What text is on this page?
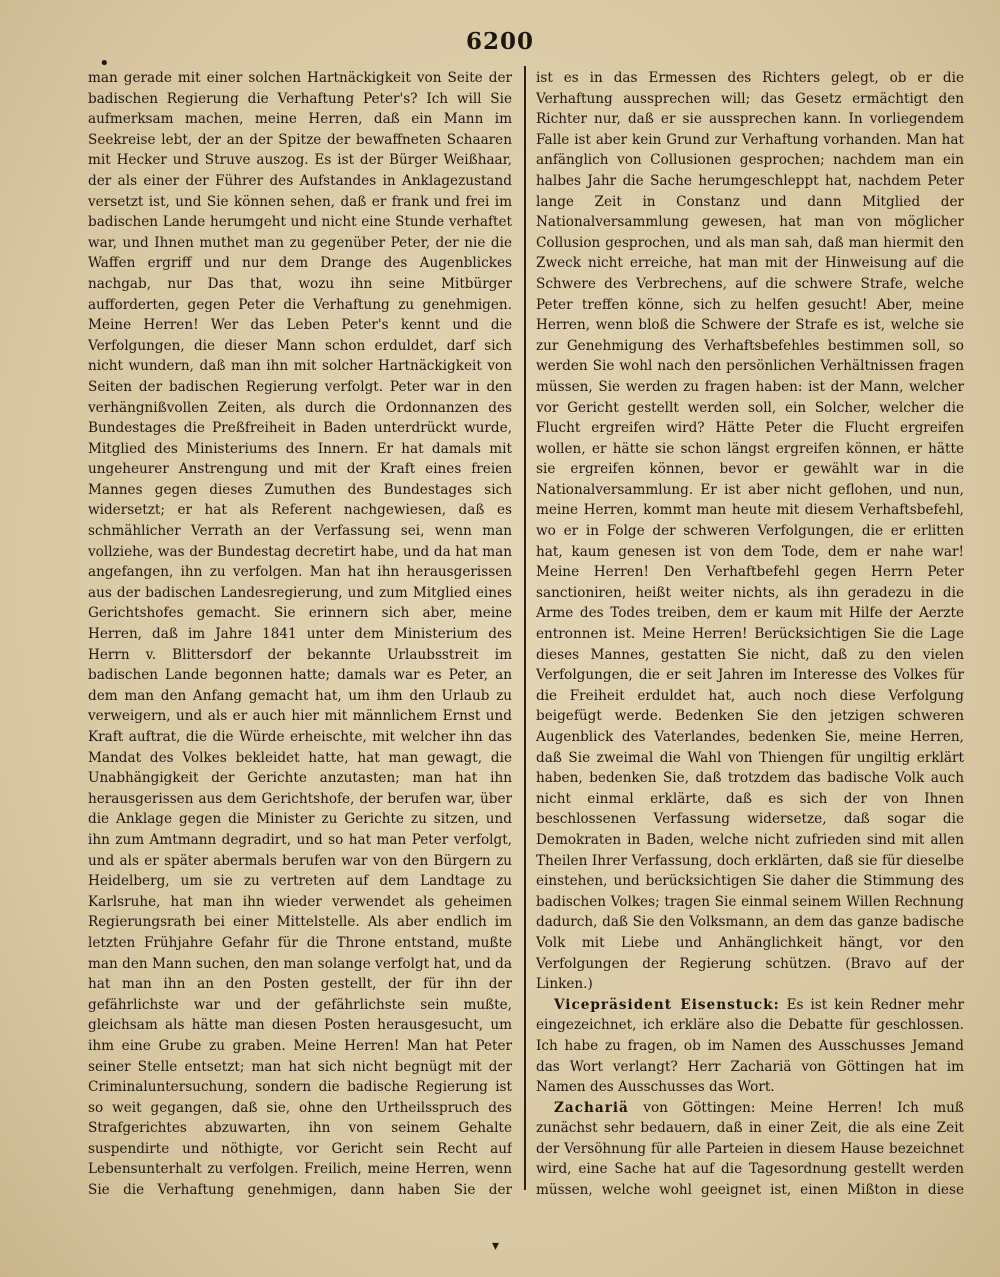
6200
•

man gerade mit einer solchen Hartnäckigkeit von Seite der badischen Regierung die Verhaftung Peter's? Ich will Sie aufmerksam machen, meine Herren, daß ein Mann im Seekreise lebt, der an der Spitze der bewaffneten Schaaren mit Hecker und Struve auszog. Es ist der Bürger Weißhaar, der als einer der Führer des Aufstandes in Anklagezustand versetzt ist, und Sie können sehen, daß er frank und frei im badischen Lande herumgeht und nicht eine Stunde verhaftet war, und Ihnen muthet man zu gegenüber Peter, der nie die Waffen ergriff und nur dem Drange des Augenblickes nachgab, nur Das that, wozu ihn seine Mitbürger aufforderten, gegen Peter die Verhaftung zu genehmigen. Meine Herren! Wer das Leben Peter's kennt und die Verfolgungen, die dieser Mann schon erduldet, darf sich nicht wundern, daß man ihn mit solcher Hartnäckigkeit von Seiten der badischen Regierung verfolgt. Peter war in den verhängnißvollen Zeiten, als durch die Ordonnanzen des Bundestages die Preßfreiheit in Baden unterdrückt wurde, Mitglied des Ministeriums des Innern. Er hat damals mit ungeheurer Anstrengung und mit der Kraft eines freien Mannes gegen dieses Zumuthen des Bundestages sich widersetzt; er hat als Referent nachgewiesen, daß es schmählicher Verrath an der Verfassung sei, wenn man vollziehe, was der Bundestag decretirt habe, und da hat man angefangen, ihn zu verfolgen. Man hat ihn herausgerissen aus der badischen Landesregierung, und zum Mitglied eines Gerichtshofes gemacht. Sie erinnern sich aber, meine Herren, daß im Jahre 1841 unter dem Ministerium des Herrn v. Blittersdorf der bekannte Urlaubsstreit im badischen Lande begonnen hatte; damals war es Peter, an dem man den Anfang gemacht hat, um ihm den Urlaub zu verweigern, und als er auch hier mit männlichem Ernst und Kraft auftrat, die die Würde erheischte, mit welcher ihn das Mandat des Volkes bekleidet hatte, hat man gewagt, die Unabhängigkeit der Gerichte anzutasten; man hat ihn herausgerissen aus dem Gerichtshofe, der berufen war, über die Anklage gegen die Minister zu Gerichte zu sitzen, und ihn zum Amtmann degradirt, und so hat man Peter verfolgt, und als er später abermals berufen war von den Bürgern zu Heidelberg, um sie zu vertreten auf dem Landtage zu Karlsruhe, hat man ihn wieder verwendet als geheimen Regierungsrath bei einer Mittelstelle. Als aber endlich im letzten Frühjahre Gefahr für die Throne entstand, mußte man den Mann suchen, den man solange verfolgt hat, und da hat man ihn an den Posten gestellt, der für ihn der gefährlichste war und der gefährlichste sein mußte, gleichsam als hätte man diesen Posten herausgesucht, um ihm eine Grube zu graben. Meine Herren! Man hat Peter seiner Stelle entsetzt; man hat sich nicht begnügt mit der Criminaluntersuchung, sondern die badische Regierung ist so weit gegangen, daß sie, ohne den Urtheilsspruch des Strafgerichtes abzuwarten, ihn von seinem Gehalte suspendirte und nöthigte, vor Gericht sein Recht auf Lebensunterhalt zu verfolgen. Freilich, meine Herren, wenn Sie die Verhaftung genehmigen, dann haben Sie der

ist es in das Ermessen des Richters gelegt, ob er die Verhaftung aussprechen will; das Gesetz ermächtigt den Richter nur, daß er sie aussprechen kann. In vorliegendem Falle ist aber kein Grund zur Verhaftung vorhanden. Man hat anfänglich von Collusionen gesprochen; nachdem man ein halbes Jahr die Sache herumgeschleppt hat, nachdem Peter lange Zeit in Constanz und dann Mitglied der Nationalversammlung gewesen, hat man von möglicher Collusion gesprochen, und als man sah, daß man hiermit den Zweck nicht erreiche, hat man mit der Hinweisung auf die Schwere des Verbrechens, auf die schwere Strafe, welche Peter treffen könne, sich zu helfen gesucht! Aber, meine Herren, wenn bloß die Schwere der Strafe es ist, welche sie zur Genehmigung des Verhaftsbefehles bestimmen soll, so werden Sie wohl nach den persönlichen Verhältnissen fragen müssen, Sie werden zu fragen haben: ist der Mann, welcher vor Gericht gestellt werden soll, ein Solcher, welcher die Flucht ergreifen wird? Hätte Peter die Flucht ergreifen wollen, er hätte sie schon längst ergreifen können, er hätte sie ergreifen können, bevor er gewählt war in die Nationalversammlung. Er ist aber nicht geflohen, und nun, meine Herren, kommt man heute mit diesem Verhaftsbefehl, wo er in Folge der schweren Verfolgungen, die er erlitten hat, kaum genesen ist von dem Tode, dem er nahe war! Meine Herren! Den Verhaftbefehl gegen Herrn Peter sanctioniren, heißt weiter nichts, als ihn geradezu in die Arme des Todes treiben, dem er kaum mit Hilfe der Aerzte entronnen ist. Meine Herren! Berücksichtigen Sie die Lage dieses Mannes, gestatten Sie nicht, daß zu den vielen Verfolgungen, die er seit Jahren im Interesse des Volkes für die Freiheit erduldet hat, auch noch diese Verfolgung beigefügt werde. Bedenken Sie den jetzigen schweren Augenblick des Vaterlandes, bedenken Sie, meine Herren, daß Sie zweimal die Wahl von Thiengen für ungiltig erklärt haben, bedenken Sie, daß trotzdem das badische Volk auch nicht einmal erklärte, daß es sich der von Ihnen beschlossenen Verfassung widersetze, daß sogar die Demokraten in Baden, welche nicht zufrieden sind mit allen Theilen Ihrer Verfassung, doch erklärten, daß sie für dieselbe einstehen, und berücksichtigen Sie daher die Stimmung des badischen Volkes; tragen Sie einmal seinem Willen Rechnung dadurch, daß Sie den Volksmann, an dem das ganze badische Volk mit Liebe und Anhänglichkeit hängt, vor den Verfolgungen der Regierung schützen. (Bravo auf der Linken.)

Vicepräsident Eisenstuck: Es ist kein Redner mehr eingezeichnet, ich erkläre also die Debatte für geschlossen. Ich habe zu fragen, ob im Namen des Ausschusses Jemand das Wort verlangt? Herr Zachariä von Göttingen hat im Namen des Ausschusses das Wort.

Zachariä von Göttingen: Meine Herren! Ich muß zunächst sehr bedauern, daß in einer Zeit, die als eine Zeit der Versöhnung für alle Parteien in diesem Hause bezeichnet wird, eine Sache hat auf die Tagesordnung gestellt werden müssen, welche wohl geeignet ist, einen Mißton in diese

▾
